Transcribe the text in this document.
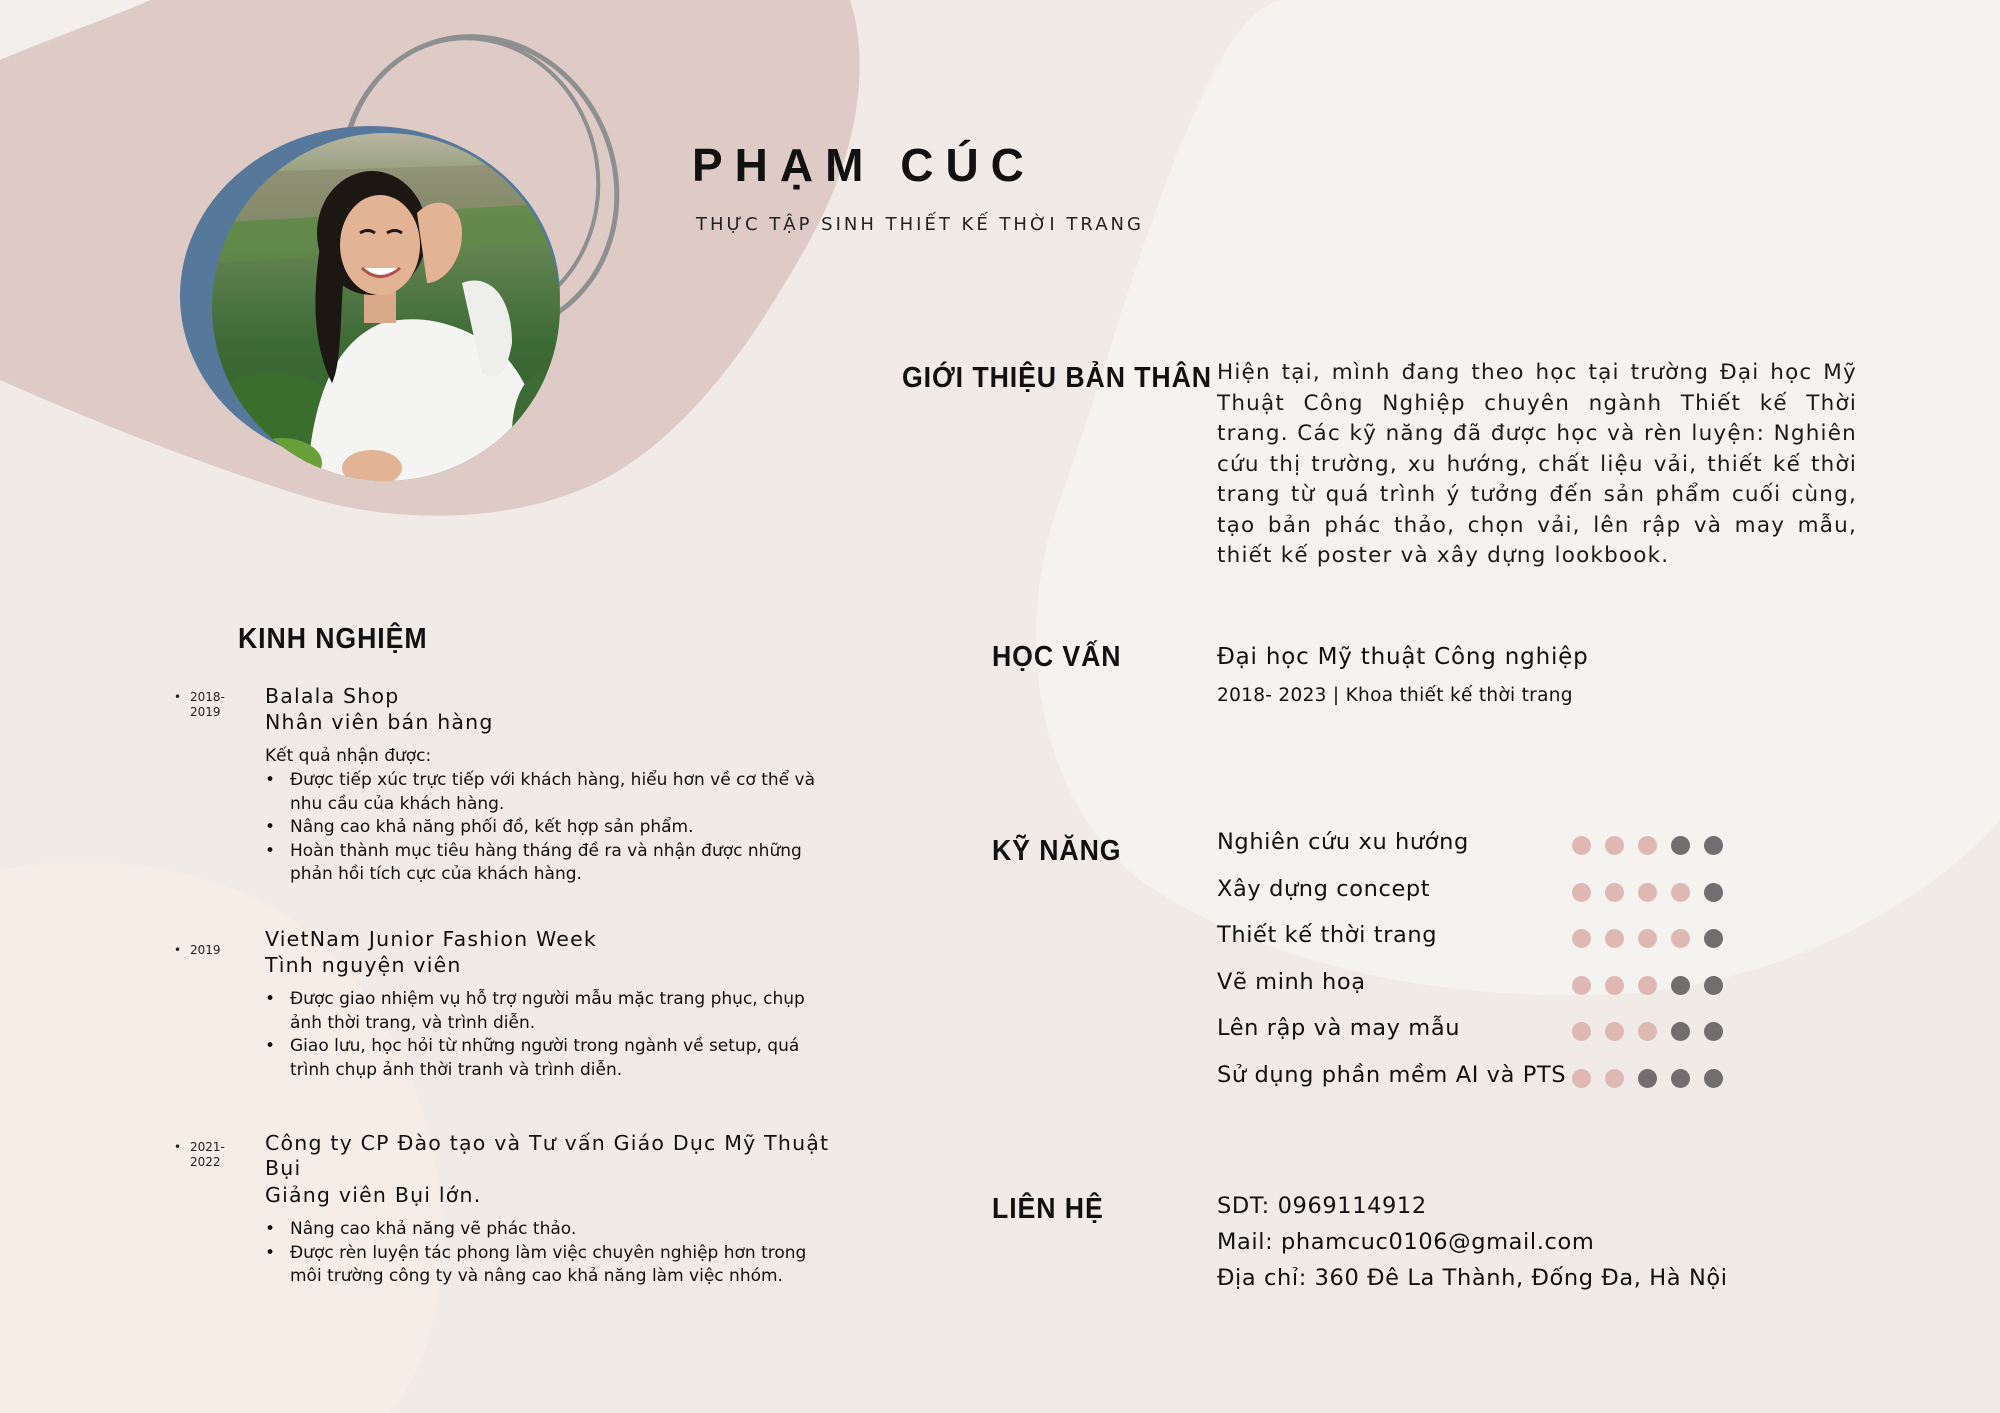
PHẠM CÚC
THỰC TẬP SINH THIẾT KẾ THỜI TRANG
GIỚI THIỆU BẢN THÂN
KINH NGHIỆM
HỌC VẤN
KỸ NĂNG
LIÊN HỆ
Hiện tại, mình đang theo học tại trường Đại học Mỹ Thuật Công Nghiệp chuyên ngành Thiết kế Thời trang. Các kỹ năng đã được học và rèn luyện: Nghiên cứu thị trường, xu hướng, chất liệu vải, thiết kế thời trang từ quá trình ý tưởng đến sản phẩm cuối cùng, tạo bản phác thảo, chọn vải, lên rập và may mẫu, thiết kế poster và xây dựng lookbook.
Đại học Mỹ thuật Công nghiệp
2018- 2023 | Khoa thiết kế thời trang
Nghiên cứu xu hướng
Xây dựng concept
Thiết kế thời trang
Vẽ minh hoạ
Lên rập và may mẫu
Sử dụng phần mềm AI và PTS
SDT: 0969114912
Mail: phamcuc0106@gmail.com
Địa chỉ: 360 Đê La Thành, Đống Đa, Hà Nội
• 2018-
2019
Balala Shop
Nhân viên bán hàng
Kết quả nhận được:
• Được tiếp xúc trực tiếp với khách hàng, hiểu hơn về cơ thể và nhu cầu của khách hàng.
• Nâng cao khả năng phối đồ, kết hợp sản phẩm.
• Hoàn thành mục tiêu hàng tháng đề ra và nhận được những phản hồi tích cực của khách hàng.
• 2019 VietNam Junior Fashion Week
Tình nguyện viên
• Được giao nhiệm vụ hỗ trợ người mẫu mặc trang phục, chụp ảnh thời trang, và trình diễn.
• Giao lưu, học hỏi từ những người trong ngành về setup, quá trình chụp ảnh thời tranh và trình diễn.
• 2021-
2022
Công ty CP Đào tạo và Tư vấn Giáo Dục Mỹ Thuật Bụi
Giảng viên Bụi lớn.
• Nâng cao khả năng vẽ phác thảo.
• Được rèn luyện tác phong làm việc chuyên nghiệp hơn trong môi trường công ty và nâng cao khả năng làm việc nhóm.
